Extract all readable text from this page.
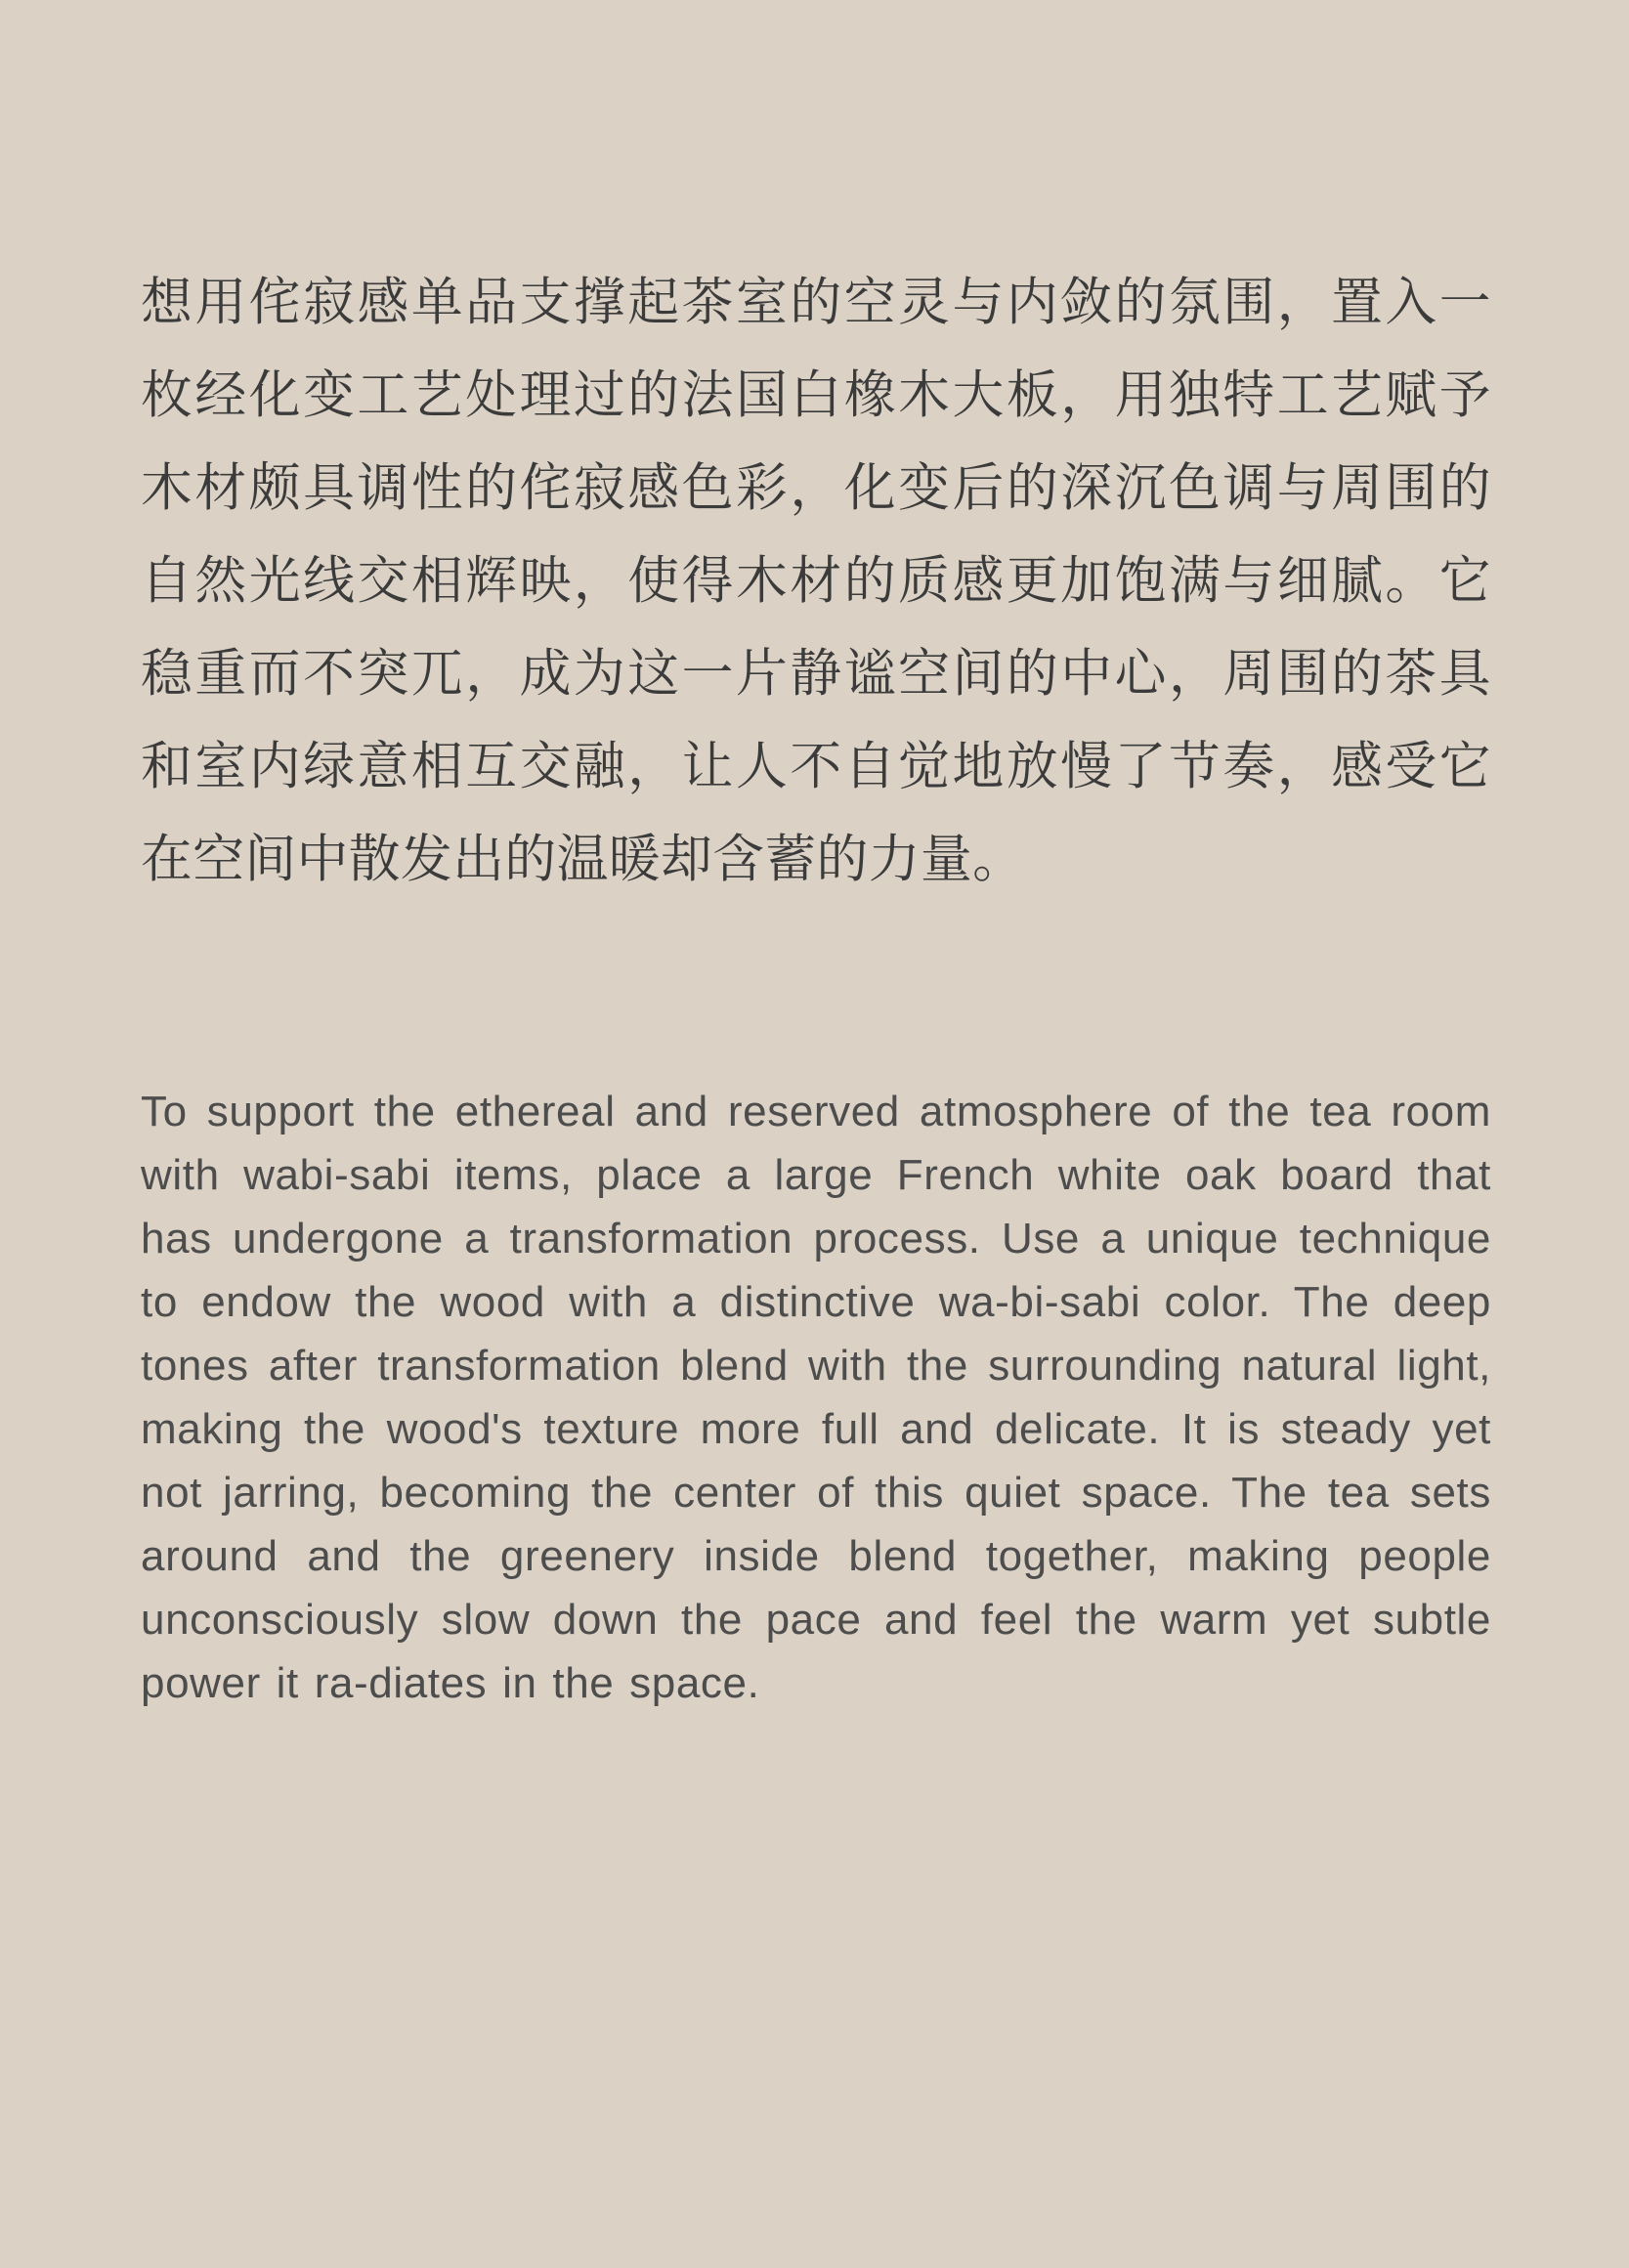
想用侘寂感单品支撑起茶室的空灵与内敛的氛围，置入一枚经化变工艺处理过的法国白橡木大板，用独特工艺赋予木材颇具调性的侘寂感色彩，化变后的深沉色调与周围的自然光线交相辉映，使得木材的质感更加饱满与细腻。它稳重而不突兀，成为这一片静谧空间的中心，周围的茶具和室内绿意相互交融，让人不自觉地放慢了节奏，感受它在空间中散发出的温暖却含蓄的力量。

To support the ethereal and reserved atmosphere of the tea room with wabi-sabi items, place a large French white oak board that has undergone a transformation process. Use a unique technique to endow the wood with a distinctive wa-bi-sabi color. The deep tones after transformation blend with the surrounding natural light, making the wood's texture more full and delicate. It is steady yet not jarring, becoming the center of this quiet space. The tea sets around and the greenery inside blend together, making people unconsciously slow down the pace and feel the warm yet subtle power it ra-diates in the space.
